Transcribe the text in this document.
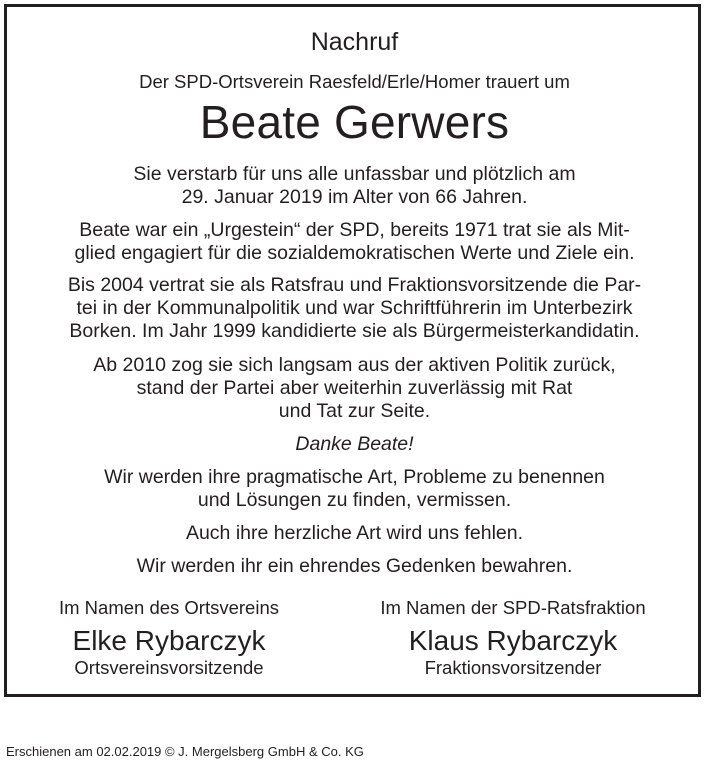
Nachruf
Der SPD-Ortsverein Raesfeld/Erle/Homer trauert um
Beate Gerwers
Sie verstarb für uns alle unfassbar und plötzlich am
29. Januar 2019 im Alter von 66 Jahren.
Beate war ein „Urgestein“ der SPD, bereits 1971 trat sie als Mit-
glied engagiert für die sozialdemokratischen Werte und Ziele ein.
Bis 2004 vertrat sie als Ratsfrau und Fraktionsvorsitzende die Par-
tei in der Kommunalpolitik und war Schriftführerin im Unterbezirk
Borken. Im Jahr 1999 kandidierte sie als Bürgermeisterkandidatin.
Ab 2010 zog sie sich langsam aus der aktiven Politik zurück,
stand der Partei aber weiterhin zuverlässig mit Rat
und Tat zur Seite.
Danke Beate!
Wir werden ihre pragmatische Art, Probleme zu benennen
und Lösungen zu finden, vermissen.
Auch ihre herzliche Art wird uns fehlen.
Wir werden ihr ein ehrendes Gedenken bewahren.
Im Namen des Ortsvereins
Elke Rybarczyk
Ortsvereinsvorsitzende
Im Namen der SPD-Ratsfraktion
Klaus Rybarczyk
Fraktionsvorsitzender
Erschienen am 02.02.2019 © J. Mergelsberg GmbH & Co. KG
